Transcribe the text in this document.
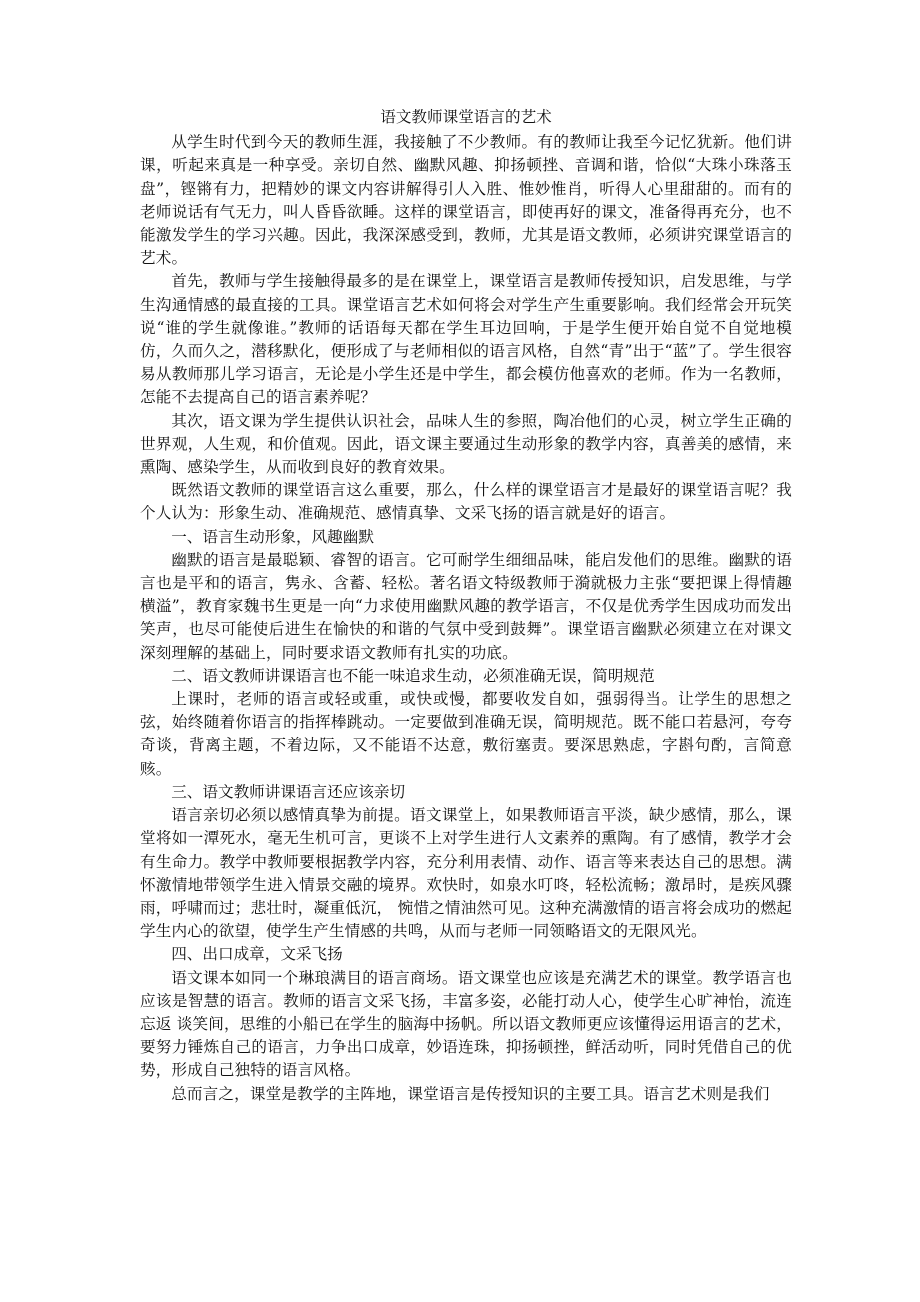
语文教师课堂语言的艺术

从学生时代到今天的教师生涯，我接触了不少教师。有的教师让我至今记忆犹新。他们讲课，听起来真是一种享受。亲切自然、幽默风趣、抑扬顿挫、音调和谐，恰似“大珠小珠落玉盘”，铿锵有力，把精妙的课文内容讲解得引人入胜、惟妙惟肖，听得人心里甜甜的。而有的老师说话有气无力，叫人昏昏欲睡。这样的课堂语言，即使再好的课文，准备得再充分，也不能激发学生的学习兴趣。因此，我深深感受到，教师，尤其是语文教师，必须讲究课堂语言的艺术。

首先，教师与学生接触得最多的是在课堂上，课堂语言是教师传授知识，启发思维，与学生沟通情感的最直接的工具。课堂语言艺术如何将会对学生产生重要影响。我们经常会开玩笑说“谁的学生就像谁。”教师的话语每天都在学生耳边回响，于是学生便开始自觉不自觉地模仿，久而久之，潜移默化，便形成了与老师相似的语言风格，自然“青”出于“蓝”了。学生很容易从教师那儿学习语言，无论是小学生还是中学生，都会模仿他喜欢的老师。作为一名教师，怎能不去提高自己的语言素养呢？

其次，语文课为学生提供认识社会，品味人生的参照，陶冶他们的心灵，树立学生正确的世界观，人生观，和价值观。因此，语文课主要通过生动形象的教学内容，真善美的感情，来熏陶、感染学生，从而收到良好的教育效果。

既然语文教师的课堂语言这么重要，那么，什么样的课堂语言才是最好的课堂语言呢？我个人认为：形象生动、准确规范、感情真挚、文采飞扬的语言就是好的语言。

一、语言生动形象，风趣幽默

幽默的语言是最聪颖、睿智的语言。它可耐学生细细品味，能启发他们的思维。幽默的语言也是平和的语言，隽永、含蓄、轻松。著名语文特级教师于漪就极力主张“要把课上得情趣横溢”，教育家魏书生更是一向“力求使用幽默风趣的教学语言，不仅是优秀学生因成功而发出笑声，也尽可能使后进生在愉快的和谐的气氛中受到鼓舞”。课堂语言幽默必须建立在对课文深刻理解的基础上，同时要求语文教师有扎实的功底。

二、语文教师讲课语言也不能一味追求生动，必须准确无误，简明规范

上课时，老师的语言或轻或重，或快或慢，都要收发自如，强弱得当。让学生的思想之弦，始终随着你语言的指挥棒跳动。一定要做到准确无误，简明规范。既不能口若悬河，夸夸奇谈，背离主题，不着边际，又不能语不达意，敷衍塞责。要深思熟虑，字斟句酌，言简意赅。

三、语文教师讲课语言还应该亲切

语言亲切必须以感情真挚为前提。语文课堂上，如果教师语言平淡，缺少感情，那么，课堂将如一潭死水，毫无生机可言，更谈不上对学生进行人文素养的熏陶。有了感情，教学才会有生命力。教学中教师要根据教学内容，充分利用表情、动作、语言等来表达自己的思想。满怀激情地带领学生进入情景交融的境界。欢快时，如泉水叮咚，轻松流畅；激昂时，是疾风骤雨，呼啸而过；悲壮时，凝重低沉， 惋惜之情油然可见。这种充满激情的语言将会成功的燃起学生内心的欲望，使学生产生情感的共鸣，从而与老师一同领略语文的无限风光。

四、出口成章，文采飞扬

语文课本如同一个琳琅满目的语言商场。语文课堂也应该是充满艺术的课堂。教学语言也应该是智慧的语言。教师的语言文采飞扬，丰富多姿，必能打动人心，使学生心旷神怡，流连忘返 谈笑间，思维的小船已在学生的脑海中扬帆。所以语文教师更应该懂得运用语言的艺术，要努力锤炼自己的语言，力争出口成章，妙语连珠，抑扬顿挫，鲜活动听，同时凭借自己的优势，形成自己独特的语言风格。

总而言之，课堂是教学的主阵地，课堂语言是传授知识的主要工具。语言艺术则是我们
